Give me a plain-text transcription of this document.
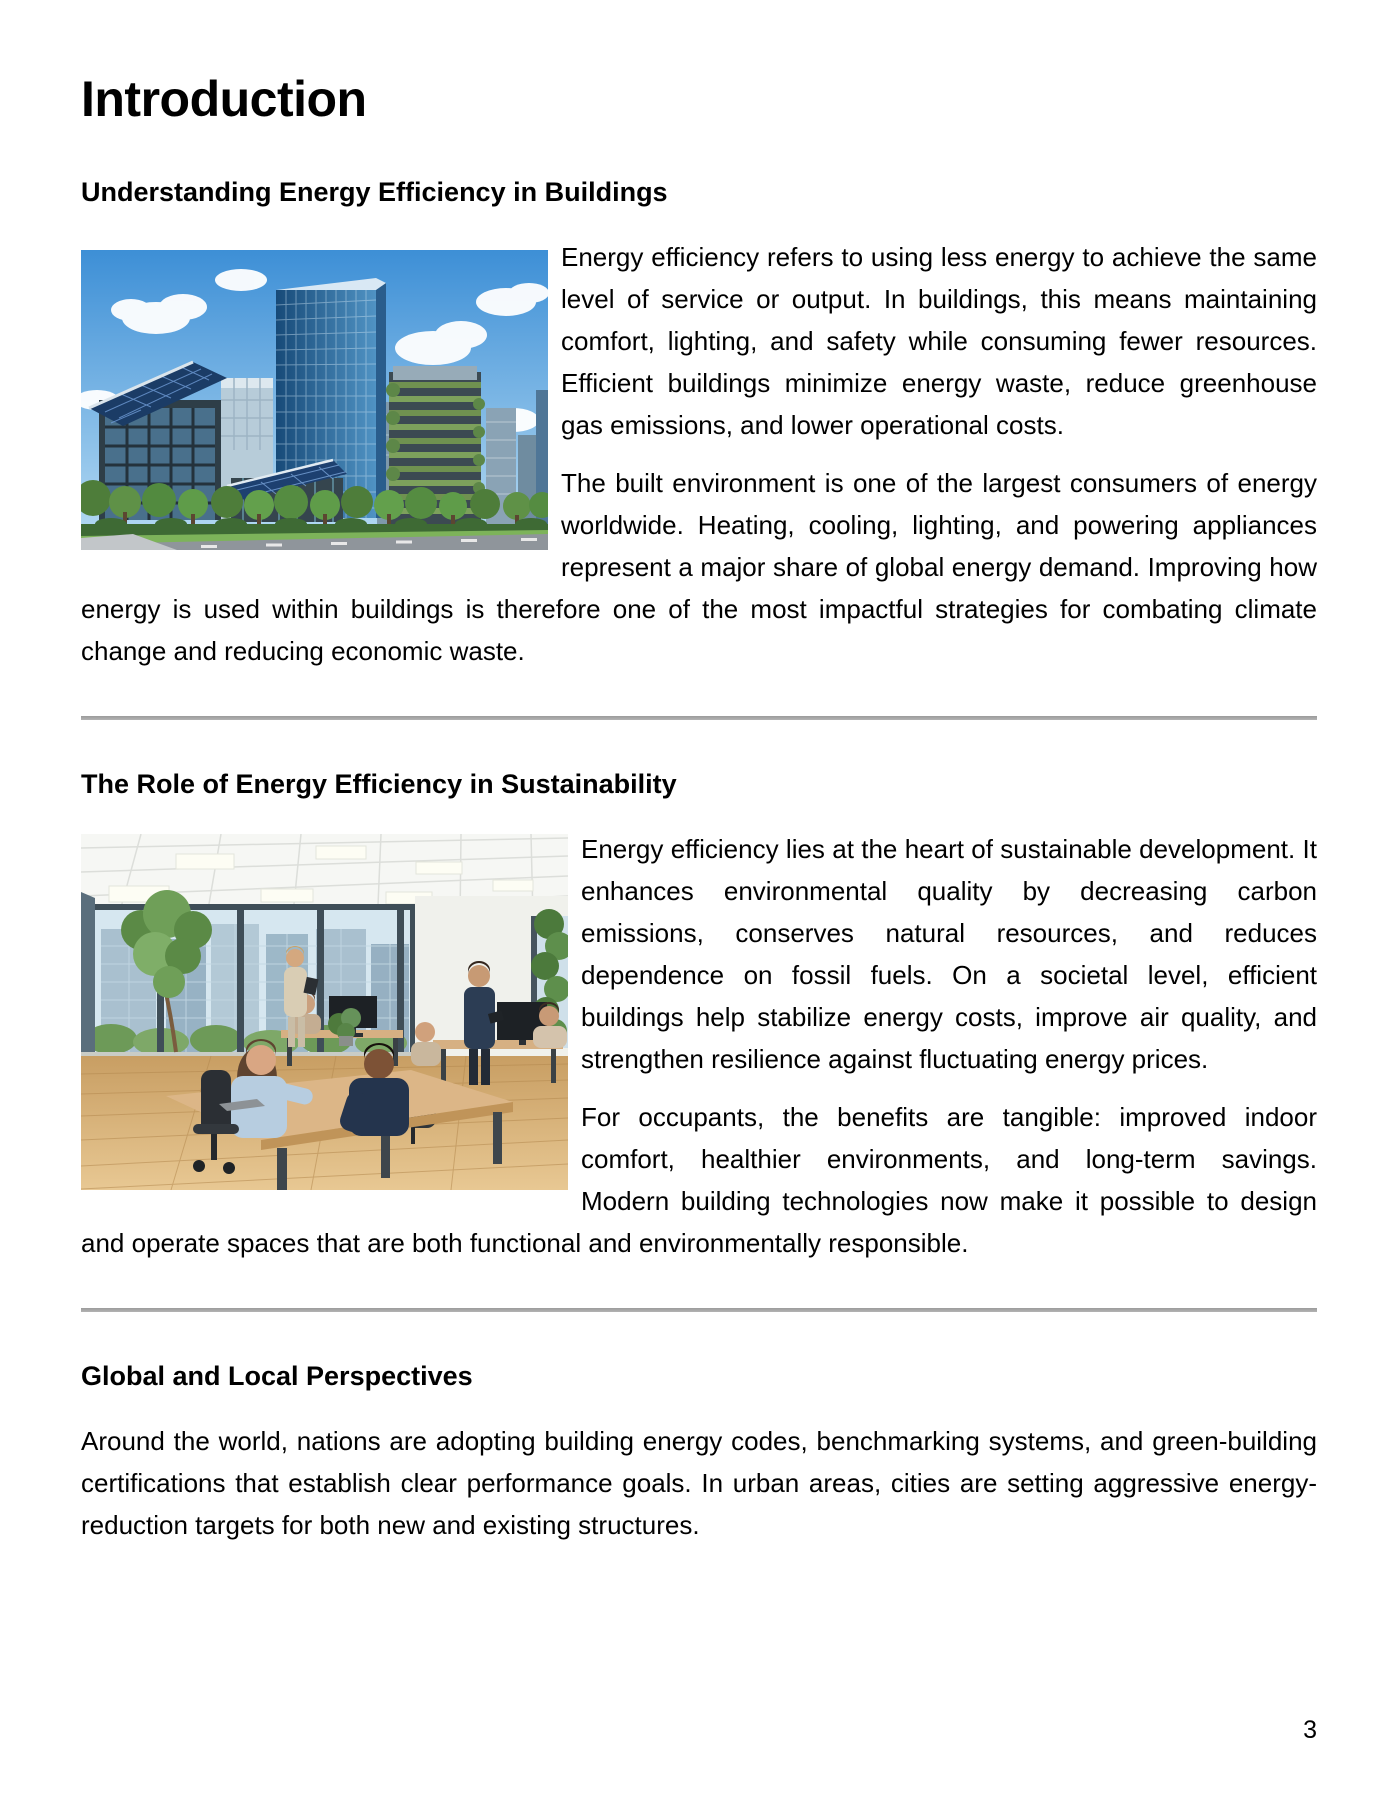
Introduction
Understanding Energy Efficiency in Buildings

Energy efficiency refers to using less energy to achieve the same level of service or output. In buildings, this means maintaining comfort, lighting, and safety while consuming fewer resources. Efficient buildings minimize energy waste, reduce greenhouse gas emissions, and lower operational costs.

The built environment is one of the largest consumers of energy worldwide. Heating, cooling, lighting, and powering appliances represent a major share of global energy demand. Improving how energy is used within buildings is therefore one of the most impactful strategies for combating climate change and reducing economic waste.

The Role of Energy Efficiency in Sustainability

Energy efficiency lies at the heart of sustainable development. It enhances environmental quality by decreasing carbon emissions, conserves natural resources, and reduces dependence on fossil fuels. On a societal level, efficient buildings help stabilize energy costs, improve air quality, and strengthen resilience against fluctuating energy prices.

For occupants, the benefits are tangible: improved indoor comfort, healthier environments, and long-term savings. Modern building technologies now make it possible to design and operate spaces that are both functional and environmentally responsible.

Global and Local Perspectives

Around the world, nations are adopting building energy codes, benchmarking systems, and green-building certifications that establish clear performance goals. In urban areas, cities are setting aggressive energy-reduction targets for both new and existing structures.

3
